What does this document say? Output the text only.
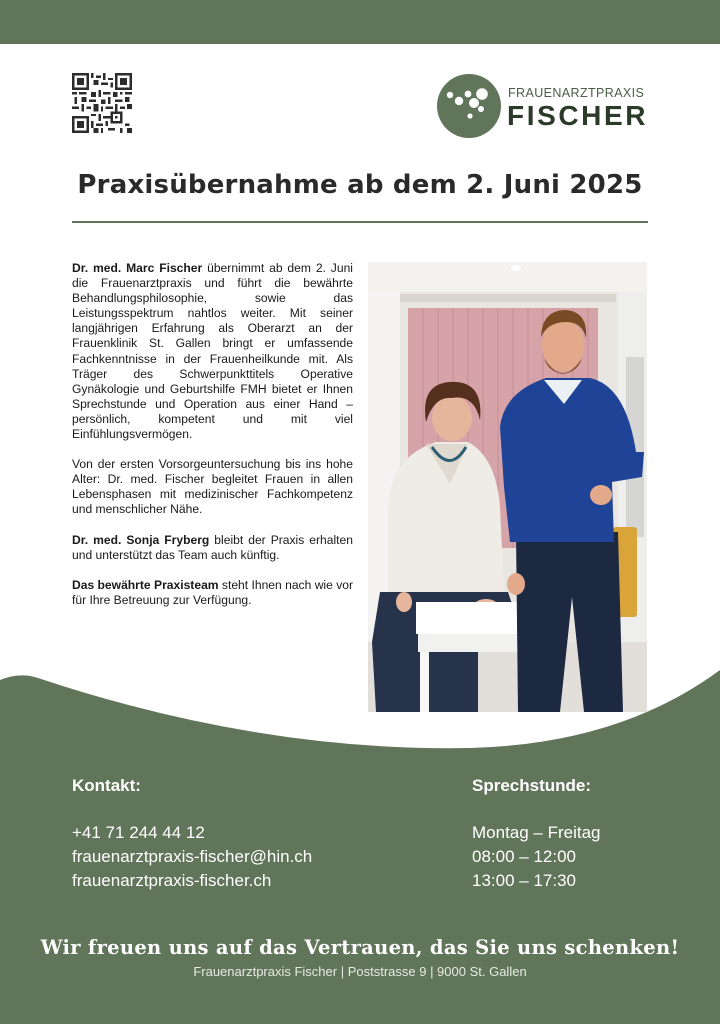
FRAUENARZTPRAXIS
FISCHER
Praxisübernahme ab dem 2. Juni 2025

Dr. med. Marc Fischer übernimmt ab dem 2. Juni die Frauenarztpraxis und führt die bewährte Behandlungsphilosophie, sowie das Leistungsspektrum nahtlos weiter. Mit seiner langjährigen Erfahrung als Oberarzt an der Frauenklinik St. Gallen bringt er umfassende Fachkenntnisse in der Frauenheilkunde mit. Als Träger des Schwerpunkttitels Operative Gynäkologie und Geburtshilfe FMH bietet er Ihnen Sprechstunde und Operation aus einer Hand – persönlich, kompetent und mit viel Einfühlungsvermögen.

Von der ersten Vorsorgeuntersuchung bis ins hohe Alter: Dr. med. Fischer begleitet Frauen in allen Lebensphasen mit medizinischer Fachkompetenz und menschlicher Nähe.

Dr. med. Sonja Fryberg bleibt der Praxis erhalten und unterstützt das Team auch künftig.

Das bewährte Praxisteam steht Ihnen nach wie vor für Ihre Betreuung zur Verfügung.

Kontakt:
+41 71 244 44 12
frauenarztpraxis-fischer@hin.ch
frauenarztpraxis-fischer.ch
Sprechstunde:
Montag – Freitag
08:00 – 12:00
13:00 – 17:30
Wir freuen uns auf das Vertrauen, das Sie uns schenken!
Frauenarztpraxis Fischer | Poststrasse 9 | 9000 St. Gallen
